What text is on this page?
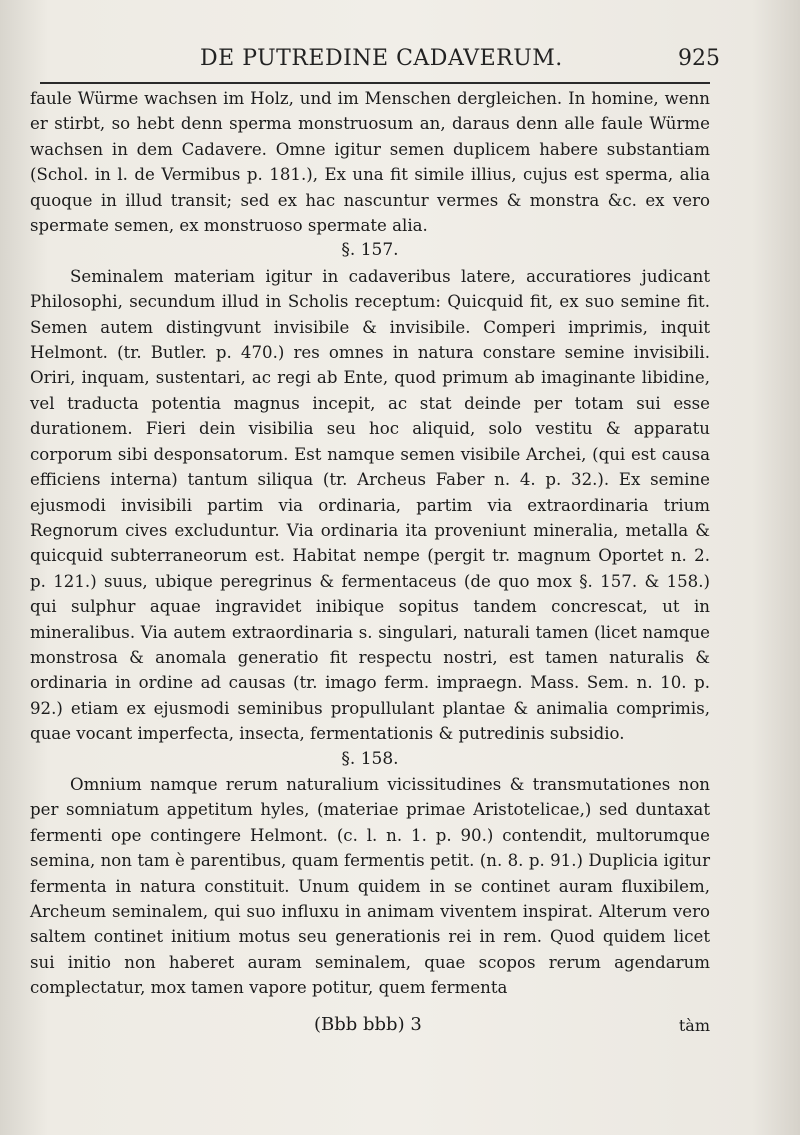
DE PUTREDINE CADAVERUM.	925

faule Würme wachsen im Holz, und im Menschen dergleichen. In homine, wenn er stirbt, so hebt denn sperma monstruosum an, daraus denn alle faule Würme wachsen in dem Cadavere. Omne igitur semen duplicem habere substantiam (Schol. in l. de Vermibus p. 181.), Ex una fit simile illius, cujus est sperma, alia quoque in illud transit; sed ex hac nascuntur vermes & monstra &c. ex vero spermate semen, ex monstruoso spermate alia.

§. 157.

Seminalem materiam igitur in cadaveribus latere, accuratiores judicant Philosophi, secundum illud in Scholis receptum: Quicquid fit, ex suo semine fit. Semen autem distingvunt invisibile & invisibile. Comperi imprimis, inquit Helmont. (tr. Butler. p. 470.) res omnes in natura constare semine invisibili. Oriri, inquam, sustentari, ac regi ab Ente, quod primum ab imaginante libidine, vel traducta potentia magnus incepit, ac stat deinde per totam sui esse durationem. Fieri dein visibilia seu hoc aliquid, solo vestitu & apparatu corporum sibi desponsatorum. Est namque semen visibile Archei, (qui est causa efficiens interna) tantum siliqua (tr. Archeus Faber n. 4. p. 32.). Ex semine ejusmodi invisibili partim via ordinaria, partim via extraordinaria trium Regnorum cives excluduntur. Via ordinaria ita proveniunt mineralia, metalla & quicquid subterraneorum est. Habitat nempe (pergit tr. magnum Oportet n. 2. p. 121.) suus, ubique peregrinus & fermentaceus (de quo mox §. 157. & 158.) qui sulphur aquae ingravidet inibique sopitus tandem concrescat, ut in mineralibus. Via autem extraordinaria s. singulari, naturali tamen (licet namque monstrosa & anomala generatio fit respectu nostri, est tamen naturalis & ordinaria in ordine ad causas (tr. imago ferm. impraegn. Mass. Sem. n. 10. p. 92.) etiam ex ejusmodi seminibus propullulant plantae & animalia comprimis, quae vocant imperfecta, insecta, fermentationis & putredinis subsidio.

§. 158.

Omnium namque rerum naturalium vicissitudines & transmutationes non per somniatum appetitum hyles, (materiae primae Aristotelicae,) sed duntaxat fermenti ope contingere Helmont. (c. l. n. 1. p. 90.) contendit, multorumque semina, non tam è parentibus, quam fermentis petit. (n. 8. p. 91.) Duplicia igitur fermenta in natura constituit. Unum quidem in se continet auram fluxibilem, Archeum seminalem, qui suo influxu in animam viventem inspirat. Alterum vero saltem continet initium motus seu generationis rei in rem. Quod quidem licet sui initio non haberet auram seminalem, quae scopos rerum agendarum complectatur, mox tamen vapore potitur, quem fermenta

(Bbb bbb) 3	tàm
